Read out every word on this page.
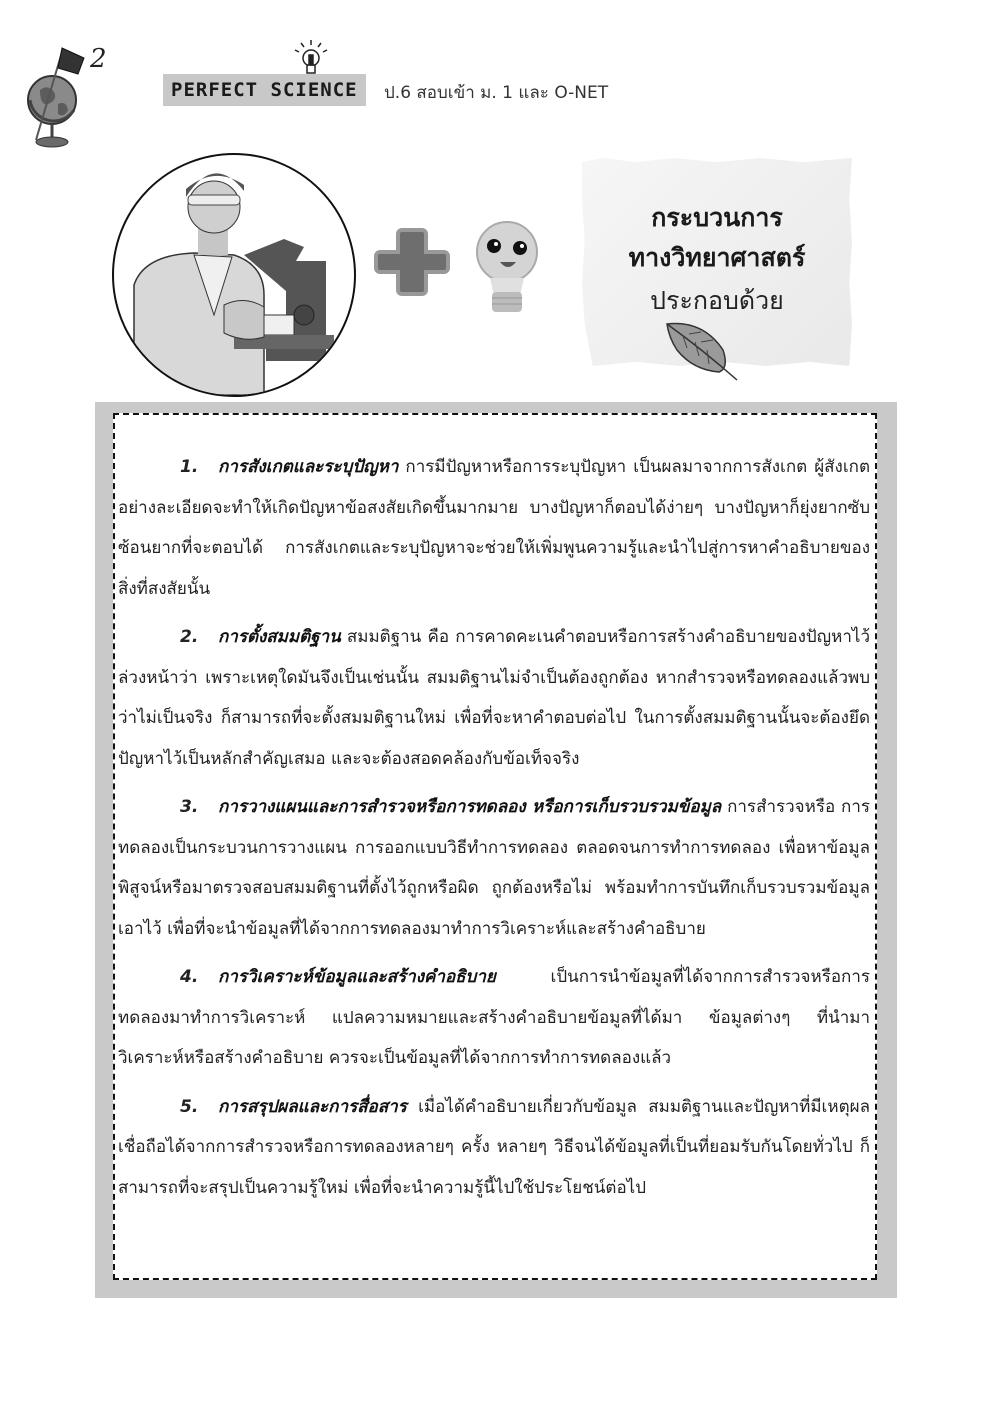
2
PERFECT SCIENCE	ป.6 สอบเข้า ม. 1 และ O-NET
กระบวนการ
ทางวิทยาศาสตร์
ประกอบด้วย

1. การสังเกตและระบุปัญหา การมีปัญหาหรือการระบุปัญหา เป็นผลมาจากการสังเกต ผู้สังเกตอย่างละเอียดจะทำให้เกิดปัญหาข้อสงสัยเกิดขึ้นมากมาย บางปัญหาก็ตอบได้ง่ายๆ บางปัญหาก็ยุ่งยากซับซ้อนยากที่จะตอบได้ การสังเกตและระบุปัญหาจะช่วยให้เพิ่มพูนความรู้และนำไปสู่การหาคำอธิบายของสิ่งที่สงสัยนั้น

2. การตั้งสมมติฐาน สมมติฐาน คือ การคาดคะเนคำตอบหรือการสร้างคำอธิบายของปัญหาไว้ล่วงหน้าว่า เพราะเหตุใดมันจึงเป็นเช่นนั้น สมมติฐานไม่จำเป็นต้องถูกต้อง หากสำรวจหรือทดลองแล้วพบว่าไม่เป็นจริง ก็สามารถที่จะตั้งสมมติฐานใหม่ เพื่อที่จะหาคำตอบต่อไป ในการตั้งสมมติฐานนั้นจะต้องยึดปัญหาไว้เป็นหลักสำคัญเสมอ และจะต้องสอดคล้องกับข้อเท็จจริง

3. การวางแผนและการสำรวจหรือการทดลอง หรือการเก็บรวบรวมข้อมูล การสำรวจหรือ การทดลองเป็นกระบวนการวางแผน การออกแบบวิธีทำการทดลอง ตลอดจนการทำการทดลอง เพื่อหาข้อมูลพิสูจน์หรือมาตรวจสอบสมมติฐานที่ตั้งไว้ถูกหรือผิด ถูกต้องหรือไม่ พร้อมทำการบันทึกเก็บรวบรวมข้อมูลเอาไว้ เพื่อที่จะนำข้อมูลที่ได้จากการทดลองมาทำการวิเคราะห์และสร้างคำอธิบาย

4. การวิเคราะห์ข้อมูลและสร้างคำอธิบาย เป็นการนำข้อมูลที่ได้จากการสำรวจหรือการทดลองมาทำการวิเคราะห์ แปลความหมายและสร้างคำอธิบายข้อมูลที่ได้มา ข้อมูลต่างๆ ที่นำมาวิเคราะห์หรือสร้างคำอธิบาย ควรจะเป็นข้อมูลที่ได้จากการทำการทดลองแล้ว

5. การสรุปผลและการสื่อสาร เมื่อได้คำอธิบายเกี่ยวกับข้อมูล สมมติฐานและปัญหาที่มีเหตุผลเชื่อถือได้จากการสำรวจหรือการทดลองหลายๆ ครั้ง หลายๆ วิธีจนได้ข้อมูลที่เป็นที่ยอมรับกันโดยทั่วไป ก็สามารถที่จะสรุปเป็นความรู้ใหม่ เพื่อที่จะนำความรู้นี้ไปใช้ประโยชน์ต่อไป
